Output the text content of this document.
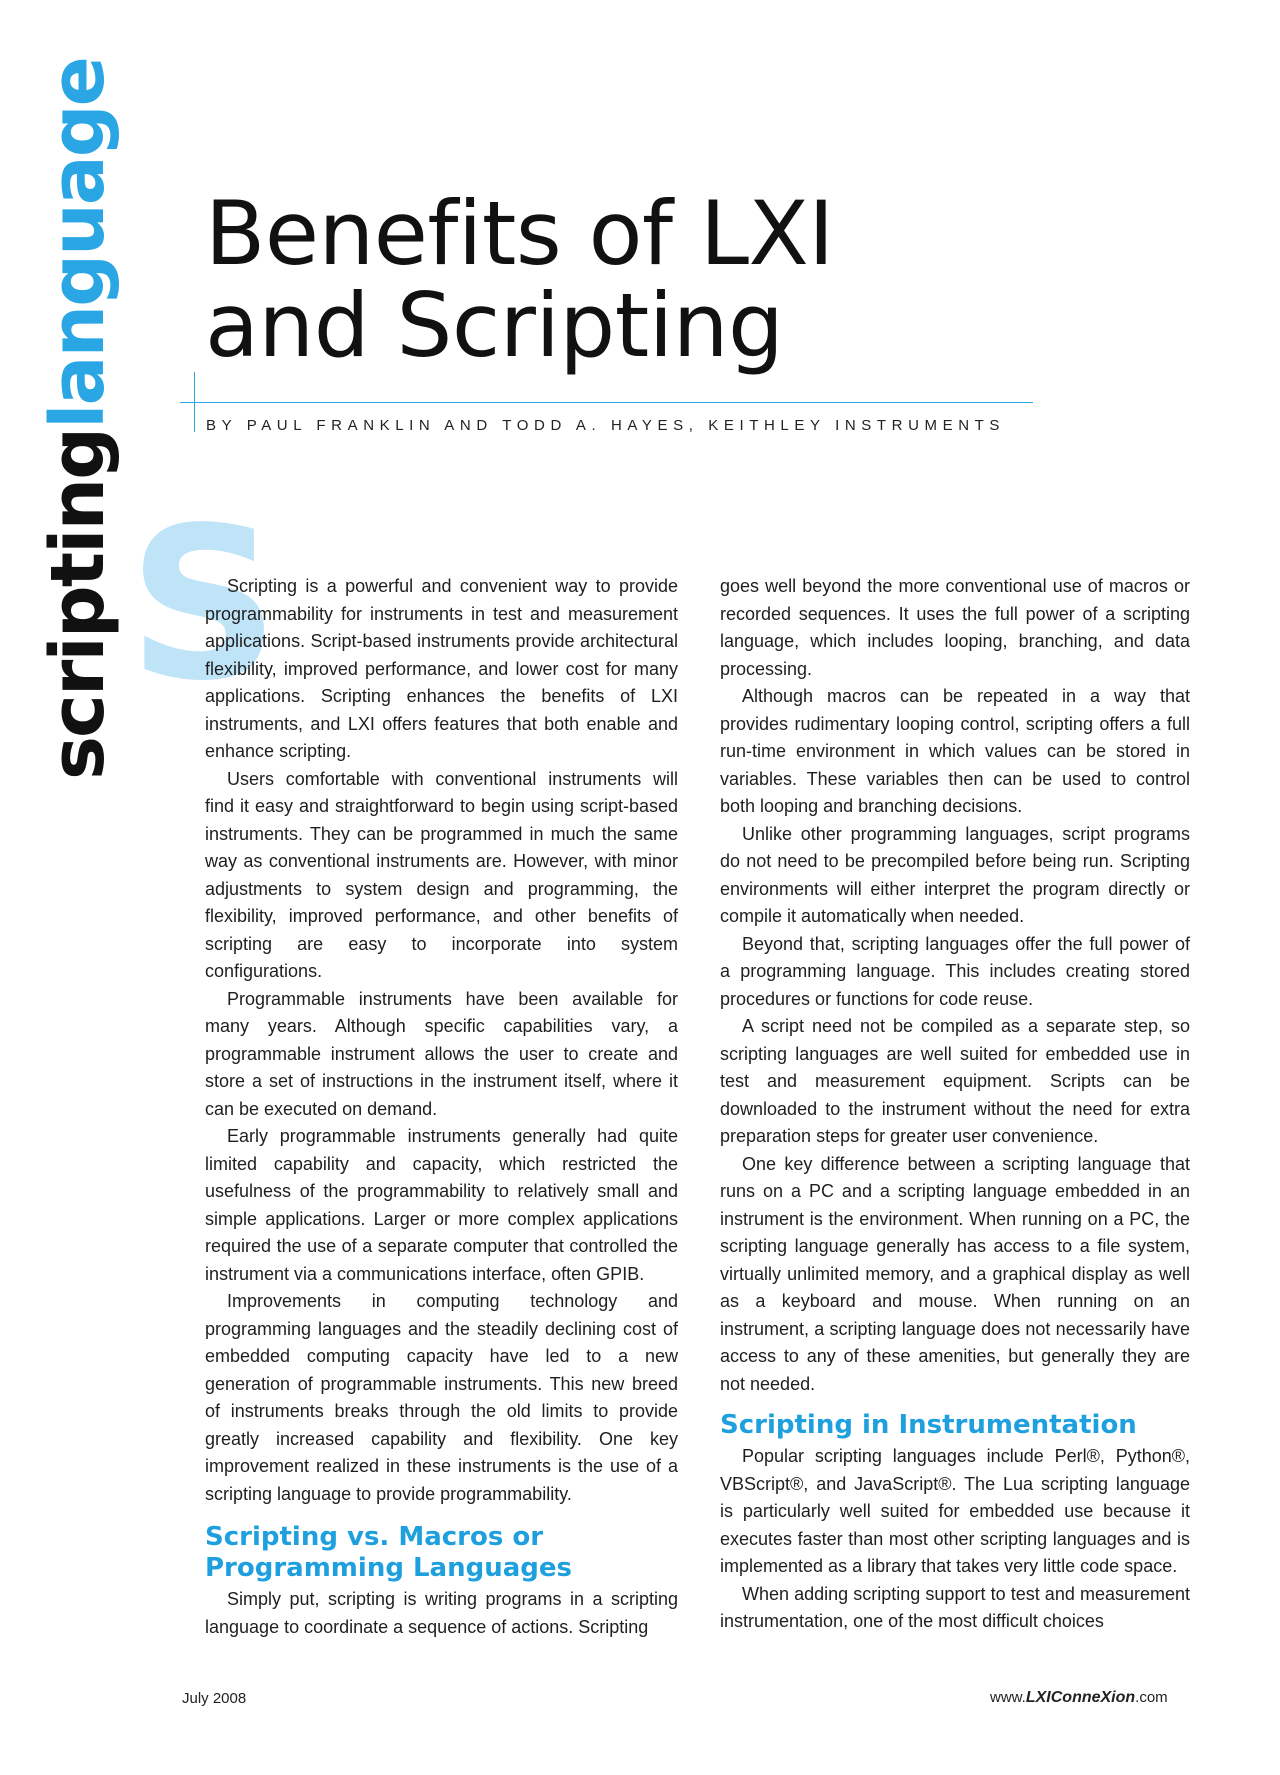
scriptinglanguage Benefits of LXI
and Scripting
BY PAUL FRANKLIN AND TODD A. HAYES, KEITHLEY INSTRUMENTS
S

Scripting is a powerful and convenient way to provide programmability for instruments in test and measurement applications. Script-based instruments provide architectural flexibility, improved performance, and lower cost for many applications. Scripting enhances the benefits of LXI instruments, and LXI offers features that both enable and enhance scripting.

Users comfortable with conventional instruments will find it easy and straightforward to begin using script-based instruments. They can be programmed in much the same way as conventional instruments are. However, with minor adjustments to system design and programming, the flexibility, improved performance, and other benefits of scripting are easy to incorporate into system configurations.

Programmable instruments have been available for many years. Although specific capabilities vary, a programmable instrument allows the user to create and store a set of instructions in the instrument itself, where it can be executed on demand.

Early programmable instruments generally had quite limited capability and capacity, which restricted the usefulness of the programmability to relatively small and simple applications. Larger or more complex applications required the use of a separate computer that controlled the instrument via a communications interface, often GPIB.

Improvements in computing technology and programming languages and the steadily declining cost of embedded computing capacity have led to a new generation of programmable instruments. This new breed of instruments breaks through the old limits to provide greatly increased capability and flexibility. One key improvement realized in these instruments is the use of a scripting language to provide programmability.

Scripting vs. Macros or Programming Languages

Simply put, scripting is writing programs in a scripting language to coordinate a sequence of actions. Scripting

goes well beyond the more conventional use of macros or recorded sequences. It uses the full power of a scripting language, which includes looping, branching, and data processing.

Although macros can be repeated in a way that provides rudimentary looping control, scripting offers a full run-time environment in which values can be stored in variables. These variables then can be used to control both looping and branching decisions.

Unlike other programming languages, script programs do not need to be precompiled before being run. Scripting environments will either interpret the program directly or compile it automatically when needed.

Beyond that, scripting languages offer the full power of a programming language. This includes creating stored procedures or functions for code reuse.

A script need not be compiled as a separate step, so scripting languages are well suited for embedded use in test and measurement equipment. Scripts can be downloaded to the instrument without the need for extra preparation steps for greater user convenience.

One key difference between a scripting language that runs on a PC and a scripting language embedded in an instrument is the environment. When running on a PC, the scripting language generally has access to a file system, virtually unlimited memory, and a graphical display as well as a keyboard and mouse. When running on an instrument, a scripting language does not necessarily have access to any of these amenities, but generally they are not needed.

Scripting in Instrumentation

Popular scripting languages include Perl®, Python®, VBScript®, and JavaScript®. The Lua scripting language is particularly well suited for embedded use because it executes faster than most other scripting languages and is implemented as a library that takes very little code space.

When adding scripting support to test and measurement instrumentation, one of the most difficult choices

July 2008	www.LXIConneXion.com
